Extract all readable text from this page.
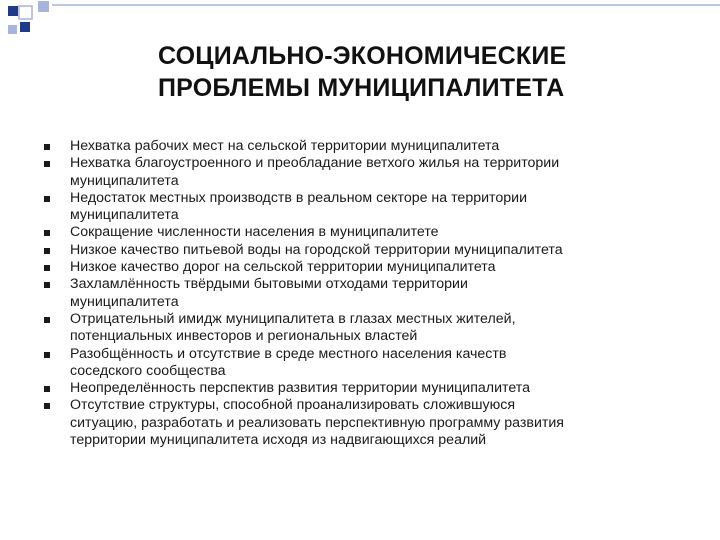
СОЦИАЛЬНО-ЭКОНОМИЧЕСКИЕ
ПРОБЛЕМЫ МУНИЦИПАЛИТЕТА
Нехватка рабочих мест на сельской территории муниципалитета
Нехватка благоустроенного и преобладание ветхого жилья на территории
муниципалитета
Недостаток местных производств в реальном секторе на территории
муниципалитета
Сокращение численности населения в муниципалитете
Низкое качество питьевой воды на городской территории муниципалитета
Низкое качество дорог на сельской территории муниципалитета
Захламлённость твёрдыми бытовыми отходами территории
муниципалитета
Отрицательный имидж муниципалитета в глазах местных жителей,
потенциальных инвесторов и региональных властей
Разобщённость и отсутствие в среде местного населения качеств
соседского сообщества
Неопределённость перспектив развития территории муниципалитета
Отсутствие структуры, способной проанализировать сложившуюся
ситуацию, разработать и реализовать перспективную программу развития
территории муниципалитета исходя из надвигающихся реалий
